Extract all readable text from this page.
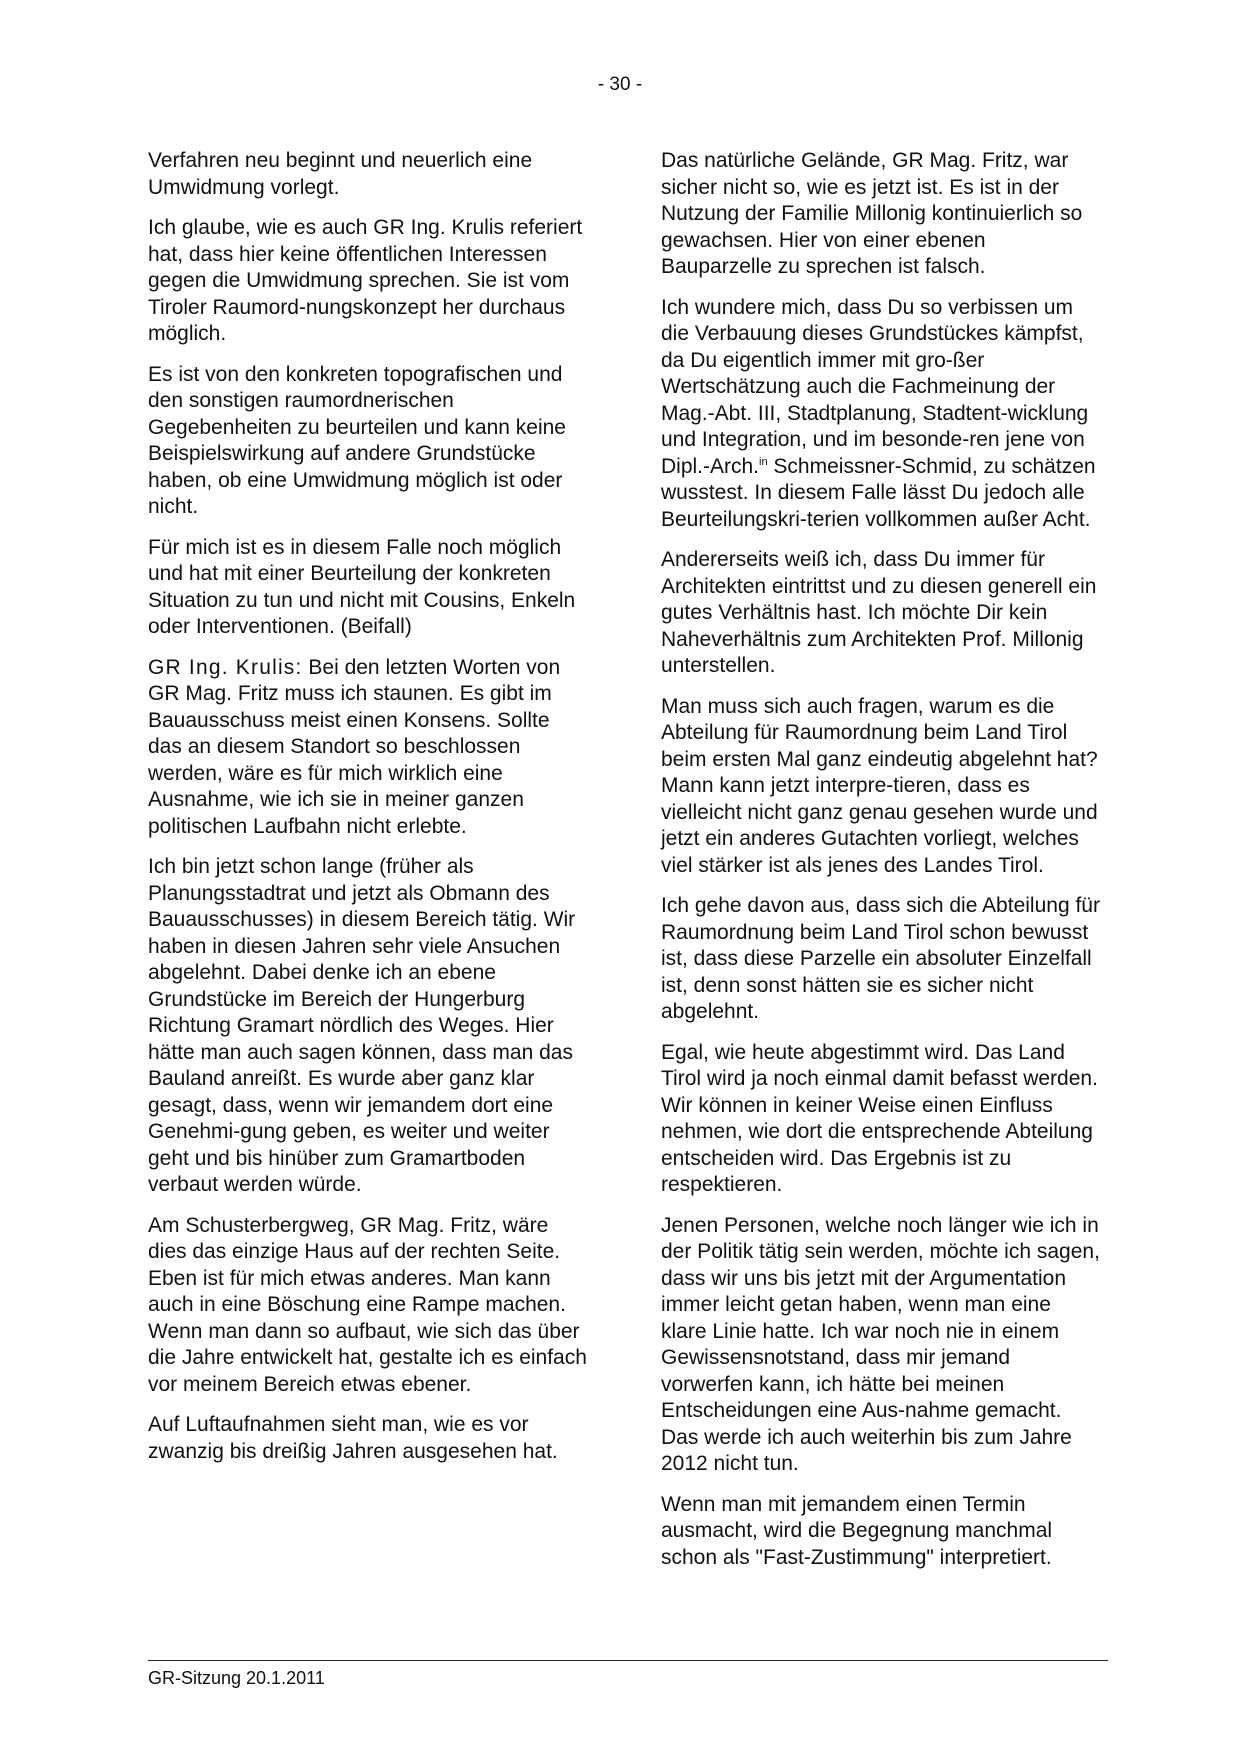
- 30 -

Verfahren neu beginnt und neuerlich eine Umwidmung vorlegt.

Ich glaube, wie es auch GR Ing. Krulis referiert hat, dass hier keine öffentlichen Interessen gegen die Umwidmung sprechen. Sie ist vom Tiroler Raumord-nungskonzept her durchaus möglich.

Es ist von den konkreten topografischen und den sonstigen raumordnerischen Gegebenheiten zu beurteilen und kann keine Beispielswirkung auf andere Grundstücke haben, ob eine Umwidmung möglich ist oder nicht.

Für mich ist es in diesem Falle noch möglich und hat mit einer Beurteilung der konkreten Situation zu tun und nicht mit Cousins, Enkeln oder Interventionen. (Beifall)

GR Ing. Krulis: Bei den letzten Worten von GR Mag. Fritz muss ich staunen. Es gibt im Bauausschuss meist einen Konsens. Sollte das an diesem Standort so beschlossen werden, wäre es für mich wirklich eine Ausnahme, wie ich sie in meiner ganzen politischen Laufbahn nicht erlebte.

Ich bin jetzt schon lange (früher als Planungsstadtrat und jetzt als Obmann des Bauausschusses) in diesem Bereich tätig. Wir haben in diesen Jahren sehr viele Ansuchen abgelehnt. Dabei denke ich an ebene Grundstücke im Bereich der Hungerburg Richtung Gramart nördlich des Weges. Hier hätte man auch sagen können, dass man das Bauland anreißt. Es wurde aber ganz klar gesagt, dass, wenn wir jemandem dort eine Genehmi-gung geben, es weiter und weiter geht und bis hinüber zum Gramartboden verbaut werden würde.

Am Schusterbergweg, GR Mag. Fritz, wäre dies das einzige Haus auf der rechten Seite. Eben ist für mich etwas anderes. Man kann auch in eine Böschung eine Rampe machen. Wenn man dann so aufbaut, wie sich das über die Jahre entwickelt hat, gestalte ich es einfach vor meinem Bereich etwas ebener.

Auf Luftaufnahmen sieht man, wie es vor zwanzig bis dreißig Jahren ausgesehen hat.

Das natürliche Gelände, GR Mag. Fritz, war sicher nicht so, wie es jetzt ist. Es ist in der Nutzung der Familie Millonig kontinuierlich so gewachsen. Hier von einer ebenen Bauparzelle zu sprechen ist falsch.

Ich wundere mich, dass Du so verbissen um die Verbauung dieses Grundstückes kämpfst, da Du eigentlich immer mit gro-ßer Wertschätzung auch die Fachmeinung der Mag.-Abt. III, Stadtplanung, Stadtent-wicklung und Integration, und im besonde-ren jene von Dipl.-Arch.$^{in}$ Schmeissner-Schmid, zu schätzen wusstest. In diesem Falle lässt Du jedoch alle Beurteilungskri-terien vollkommen außer Acht.

Andererseits weiß ich, dass Du immer für Architekten eintrittst und zu diesen generell ein gutes Verhältnis hast. Ich möchte Dir kein Naheverhältnis zum Architekten Prof. Millonig unterstellen.

Man muss sich auch fragen, warum es die Abteilung für Raumordnung beim Land Tirol beim ersten Mal ganz eindeutig abgelehnt hat? Mann kann jetzt interpre-tieren, dass es vielleicht nicht ganz genau gesehen wurde und jetzt ein anderes Gutachten vorliegt, welches viel stärker ist als jenes des Landes Tirol.

Ich gehe davon aus, dass sich die Abteilung für Raumordnung beim Land Tirol schon bewusst ist, dass diese Parzelle ein absoluter Einzelfall ist, denn sonst hätten sie es sicher nicht abgelehnt.

Egal, wie heute abgestimmt wird. Das Land Tirol wird ja noch einmal damit befasst werden. Wir können in keiner Weise einen Einfluss nehmen, wie dort die entsprechende Abteilung entscheiden wird. Das Ergebnis ist zu respektieren.

Jenen Personen, welche noch länger wie ich in der Politik tätig sein werden, möchte ich sagen, dass wir uns bis jetzt mit der Argumentation immer leicht getan haben, wenn man eine klare Linie hatte. Ich war noch nie in einem Gewissensnotstand, dass mir jemand vorwerfen kann, ich hätte bei meinen Entscheidungen eine Aus-nahme gemacht. Das werde ich auch weiterhin bis zum Jahre 2012 nicht tun.

Wenn man mit jemandem einen Termin ausmacht, wird die Begegnung manchmal schon als "Fast-Zustimmung" interpretiert.

GR-Sitzung 20.1.2011
